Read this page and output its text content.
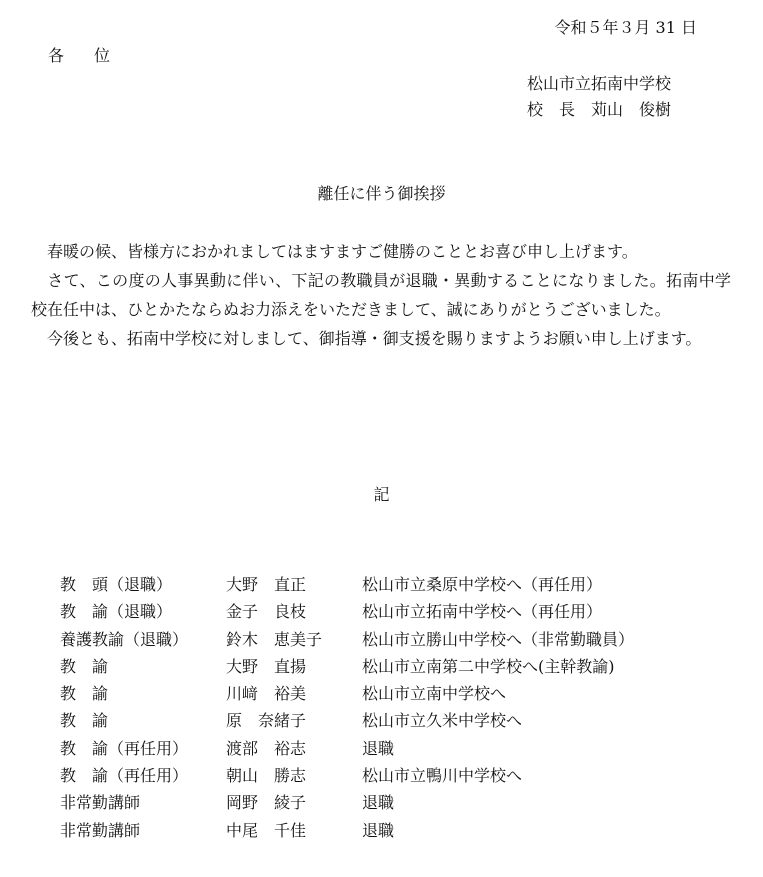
令和５年３月 31 日
各位
松山市立拓南中学校
校　長　苅山　俊樹
離任に伴う御挨拶

　春暖の候、皆様方におかれましてはますますご健勝のこととお喜び申し上げます。

　さて、この度の人事異動に伴い、下記の教職員が退職・異動することになりました。拓南中学校在任中は、ひとかたならぬお力添えをいただきまして、誠にありがとうございました。

　今後とも、拓南中学校に対しまして、御指導・御支援を賜りますようお願い申し上げます。

記
教　頭（退職）	大野　直正	松山市立桑原中学校へ（再任用）
教　諭（退職）	金子　良枝	松山市立拓南中学校へ（再任用）
養護教諭（退職） 鈴木　恵美子 松山市立勝山中学校へ（非常勤職員）
教　諭	大野　直揚	松山市立南第二中学校へ(主幹教諭)
教　諭	川﨑　裕美	松山市立南中学校へ
教　諭	原　奈緒子	松山市立久米中学校へ
教　諭（再任用） 渡部　裕志	退職
教　諭（再任用） 朝山　勝志	松山市立鴨川中学校へ
非常勤講師	岡野　綾子	退職
非常勤講師	中尾　千佳	退職
